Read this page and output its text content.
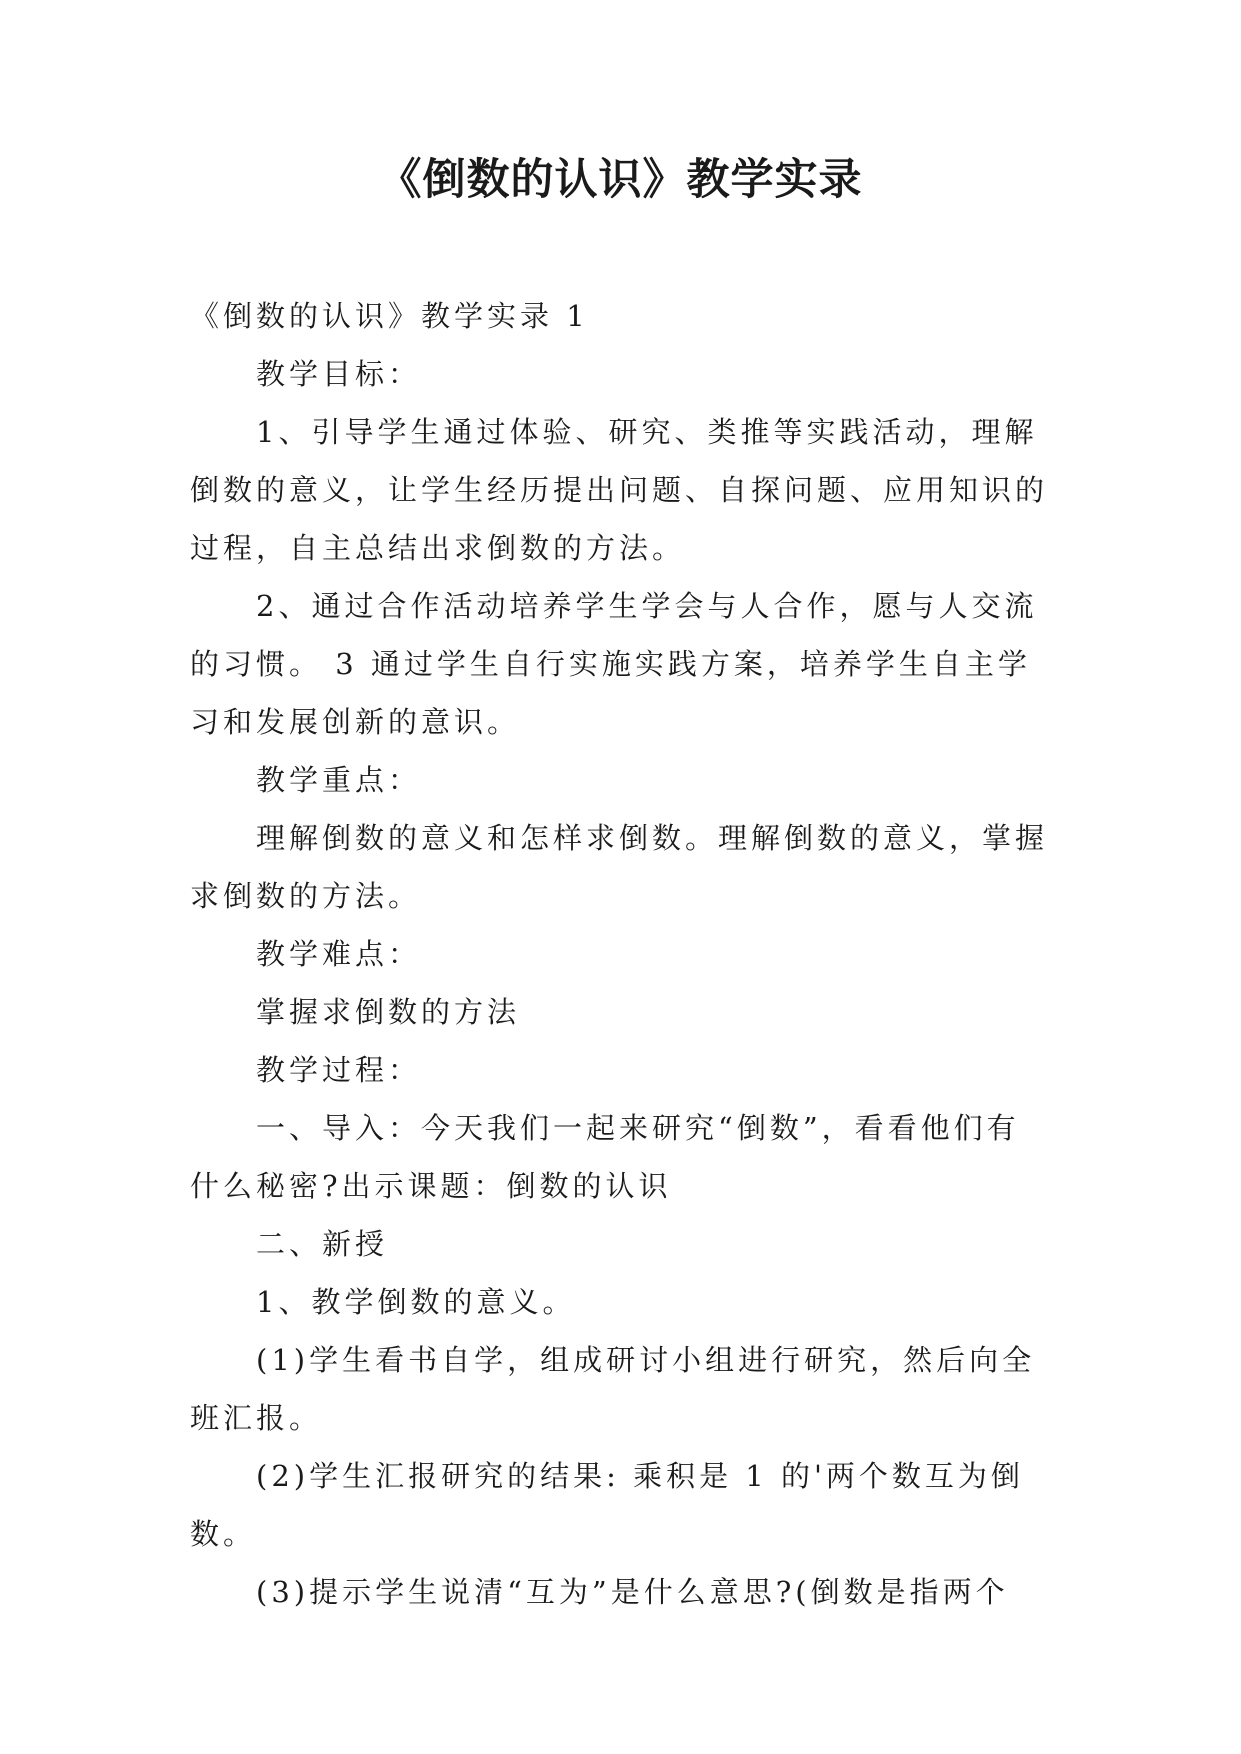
《倒数的认识》教学实录

《倒数的认识》教学实录 1

教学目标：

1、引导学生通过体验、研究、类推等实践活动，理解倒数的意义，让学生经历提出问题、自探问题、应用知识的过程，自主总结出求倒数的方法。

2、通过合作活动培养学生学会与人合作，愿与人交流的习惯。 3 通过学生自行实施实践方案，培养学生自主学习和发展创新的意识。

教学重点：

理解倒数的意义和怎样求倒数。理解倒数的意义，掌握求倒数的方法。

教学难点：

掌握求倒数的方法

教学过程：

一、导入：今天我们一起来研究“倒数”，看看他们有什么秘密?出示课题：倒数的认识

二、新授

1、教学倒数的意义。

(1)学生看书自学，组成研讨小组进行研究，然后向全班汇报。

(2)学生汇报研究的结果: 乘积是 1 的'两个数互为倒数。

(3)提示学生说清“互为”是什么意思?(倒数是指两个
